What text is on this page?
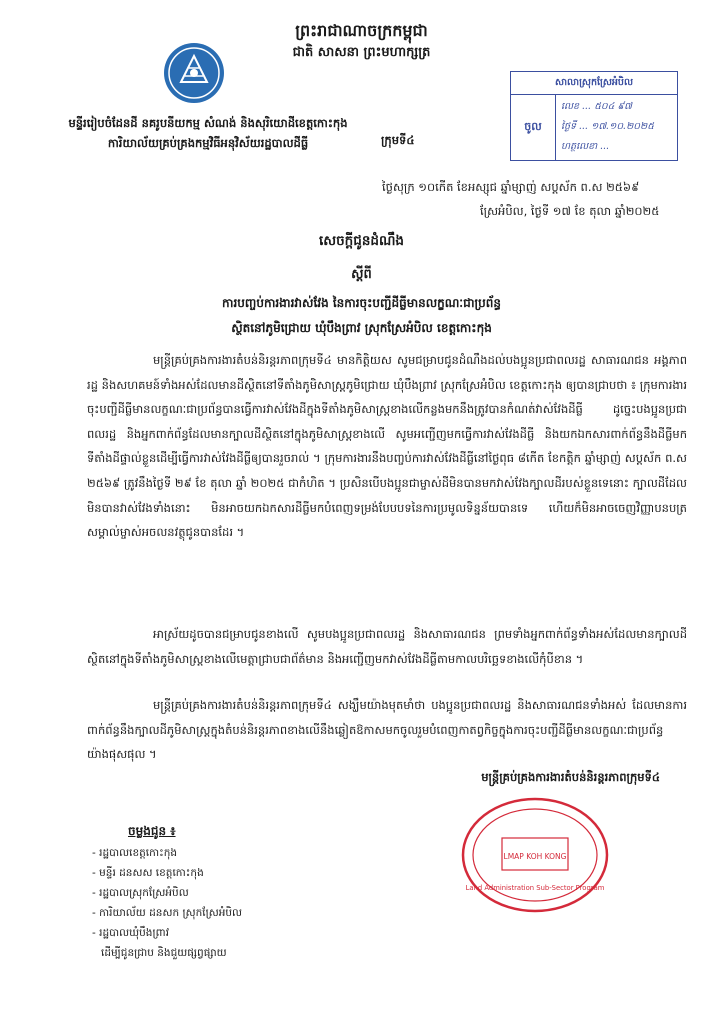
ព្រះរាជាណាចក្រកម្ពុជា
ជាតិ សាសនា ព្រះមហាក្សត្រ
មន្ទីររៀបចំដែនដី នគរូបនីយកម្ម សំណង់ និងសុរិយោដីខេត្តកោះកុង
ការិយាល័យគ្រប់គ្រងកម្មវិធីអនុវិស័យរដ្ឋបាលដីធ្លី	ក្រុមទី៤
សាលាស្រុកស្រែអំបិល
ចូល
លេខ ... ៥០៤ ៩៧
ថ្ងៃទី ... ១៧.១០.២០២៥
ហត្ថលេខា ...
ថ្ងៃសុក្រ ១០កើត ខែអស្សុជ ឆ្នាំម្សាញ់ សប្តស័ក ព.ស ២៥៦៩
ស្រែអំបិល, ថ្ងៃទី ១៧ ខែ តុលា ឆ្នាំ២០២៥
សេចក្តីជូនដំណឹង
ស្តីពី
ការបញ្ចប់ការងារវាស់វែង នៃការចុះបញ្ជីដីធ្លីមានលក្ខណៈជាប្រព័ន្ធ
ស្ថិតនៅភូមិជ្រោយ ឃុំបឹងព្រាវ ស្រុកស្រែអំបិល ខេត្តកោះកុង
មន្ត្រីគ្រប់គ្រងការងារតំបន់និរន្តរភាពក្រុមទី៤ មានកិត្តិយស សូមជម្រាបជូនដំណឹងដល់បងប្អូនប្រជាពលរដ្ឋ សាធារណជន អង្គភាពរដ្ឋ និងសហគមន៍ទាំងអស់ដែលមានដីស្ថិតនៅទីតាំងភូមិសាស្ត្រភូមិជ្រោយ ឃុំបឹងព្រាវ ស្រុកស្រែអំបិល ខេត្តកោះកុង ឲ្យបានជ្រាបថា ៖ ក្រុមការងារចុះបញ្ជីដីធ្លីមានលក្ខណៈជាប្រព័ន្ធបានធ្វើការវាស់វែងដីក្នុងទីតាំងភូមិសាស្ត្រខាងលើកន្លងមកនឹងត្រូវបានកំណត់វាស់វែងដីធ្លី ដូច្នេះបងប្អូនប្រជាពលរដ្ឋ និងអ្នកពាក់ព័ន្ធដែលមានក្បាលដីស្ថិតនៅក្នុងភូមិសាស្ត្រខាងលើ សូមអញ្ជើញមកធ្វើការវាស់វែងដីធ្លី និងយកឯកសារពាក់ព័ន្ធនឹងដីធ្លីមកទីតាំងដីផ្ទាល់ខ្លួនដើម្បីធ្វើការវាស់វែងដីធ្លីឲ្យបានរួចរាល់ ។ ក្រុមការងារនឹងបញ្ចប់ការវាស់វែងដីធ្លីនៅថ្ងៃពុធ ៨កើត ខែកត្តិក ឆ្នាំម្សាញ់ សប្តស័ក ព.ស ២៥៦៩ ត្រូវនឹងថ្ងៃទី ២៩ ខែ តុលា ឆ្នាំ ២០២៥ ជាកំហិត ។ ប្រសិនបើបងប្អូនជាម្ចាស់ដីមិនបានមកវាស់វែងក្បាលដីរបស់ខ្លួនទេនោះ ក្បាលដីដែលមិនបានវាស់វែងទាំងនោះ មិនអាចយកឯកសារដីធ្លីមកបំពេញទម្រង់បែបបទនៃការប្រមូលទិន្នន័យបានទេ ហើយក៏មិនអាចចេញវិញ្ញាបនបត្រសម្គាល់ម្ចាស់អចលនវត្ថុជូនបានដែរ ។
អាស្រ័យដូចបានជម្រាបជូនខាងលើ សូមបងប្អូនប្រជាពលរដ្ឋ និងសាធារណជន ព្រមទាំងអ្នកពាក់ព័ន្ធទាំងអស់ដែលមានក្បាលដីស្ថិតនៅក្នុងទីតាំងភូមិសាស្ត្រខាងលើមេត្តាជ្រាបជាព័ត៌មាន និងអញ្ជើញមកវាស់វែងដីធ្លីតាមកាលបរិច្ឆេទខាងលើកុំបីខាន ។
មន្ត្រីគ្រប់គ្រងការងារតំបន់និរន្តរភាពក្រុមទី៤ សង្ឃឹមយ៉ាងមុតមាំថា បងប្អូនប្រជាពលរដ្ឋ និងសាធារណជនទាំងអស់ ដែលមានការពាក់ព័ន្ធនឹងក្បាលដីភូមិសាស្ត្រក្នុងតំបន់និរន្តរភាពខាងលើនឹងឆ្លៀតឱកាសមកចូលរួមបំពេញកាតព្វកិច្ចក្នុងការចុះបញ្ជីដីធ្លីមានលក្ខណៈជាប្រព័ន្ធយ៉ាងផុសផុល ។
មន្ត្រីគ្រប់គ្រងការងារតំបន់និរន្តរភាពក្រុមទី៤
LMAP KOH KONG
Land Administration Sub-Sector Program
ចម្លងជូន ៖
- រដ្ឋបាលខេត្តកោះកុង
- មន្ទីរ ដនសស ខេត្តកោះកុង
- រដ្ឋបាលស្រុកស្រែអំបិល
- ការិយាល័យ ដនសក ស្រុកស្រែអំបិល
- រដ្ឋបាលឃុំបឹងព្រាវ
ដើម្បីជូនជ្រាប និងជួយផ្សព្វផ្សាយ
